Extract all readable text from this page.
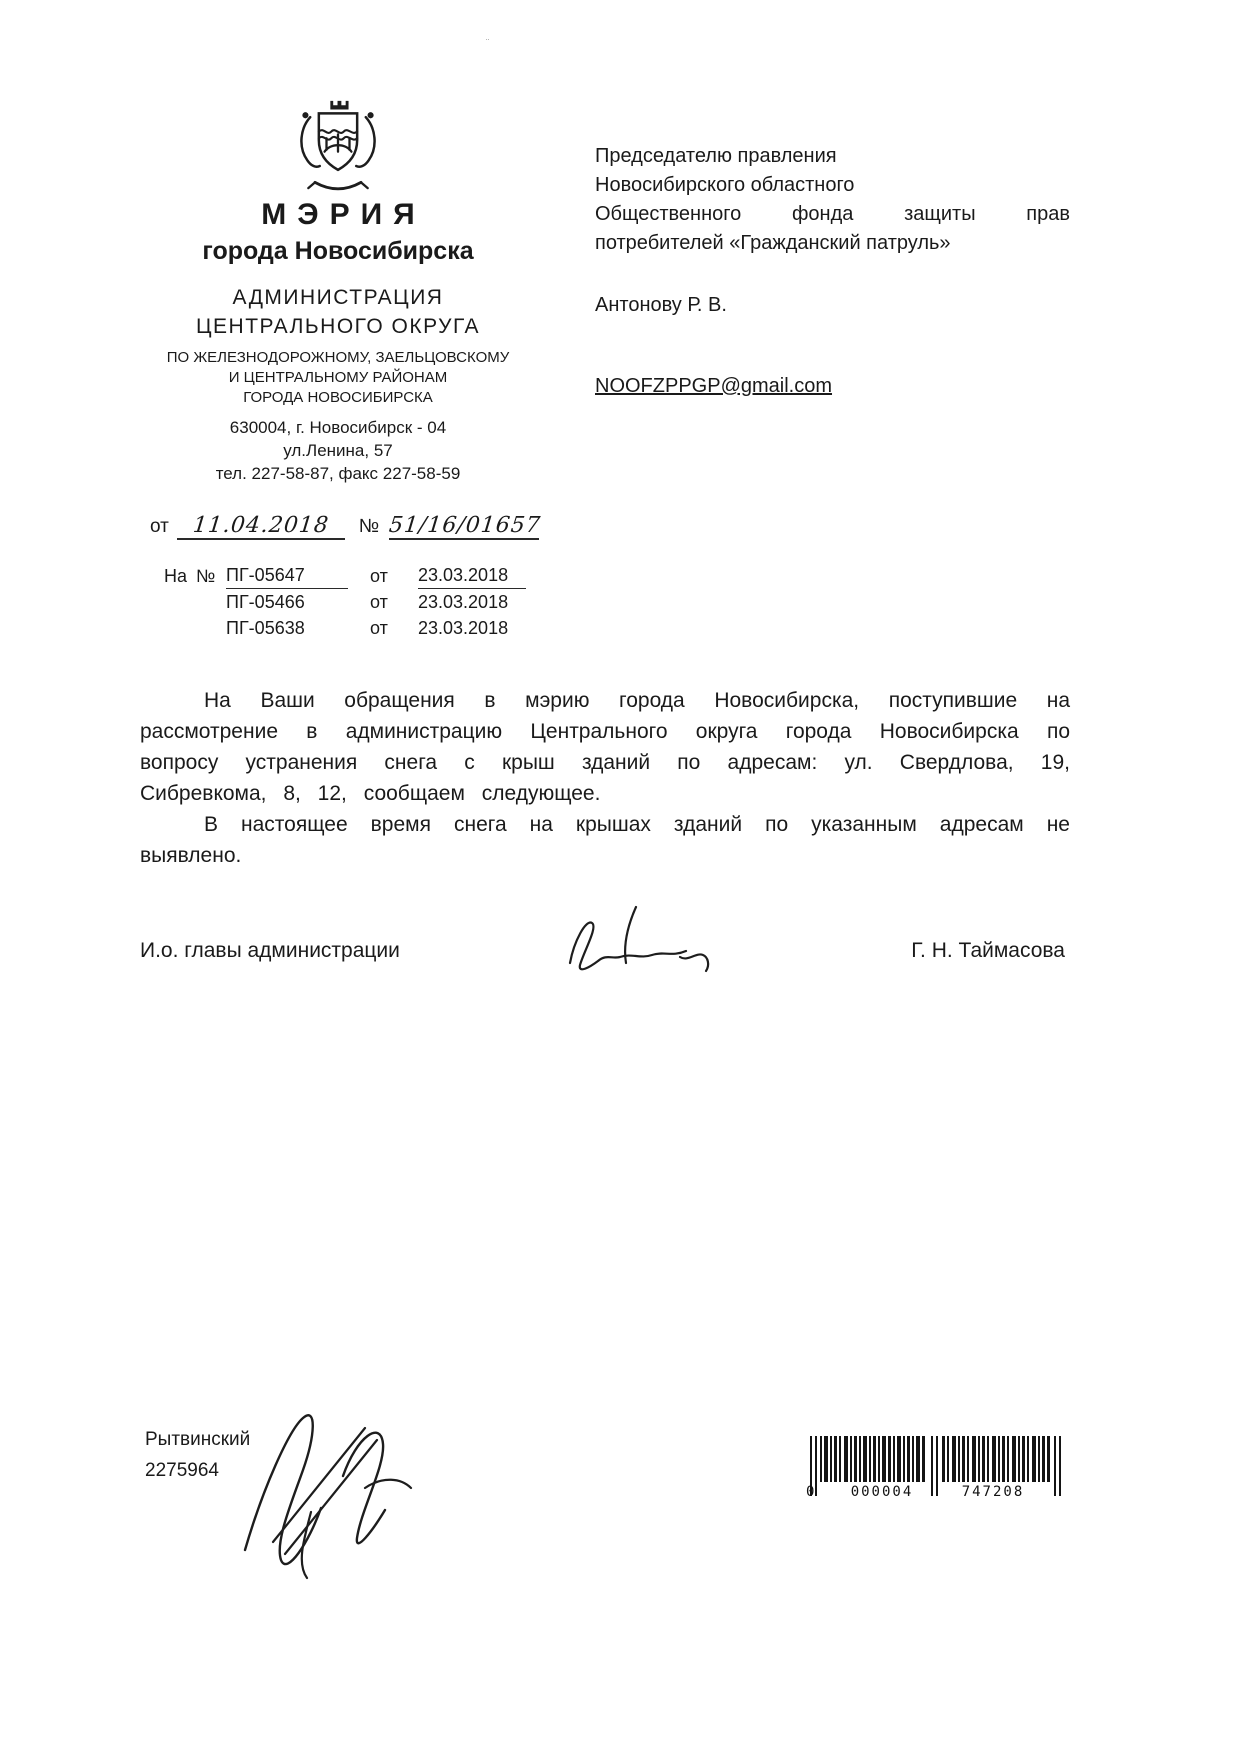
¨
МЭРИЯ
города Новосибирска
АДМИНИСТРАЦИЯ
ЦЕНТРАЛЬНОГО ОКРУГА
ПО ЖЕЛЕЗНОДОРОЖНОМУ, ЗАЕЛЬЦОВСКОМУ
И ЦЕНТРАЛЬНОМУ РАЙОНАМ
ГОРОДА НОВОСИБИРСКА
630004, г. Новосибирск - 04
ул.Ленина, 57
тел. 227-58-87, факс 227-58-59
Председателю правления
Новосибирского областного
Общественного фонда защиты прав
потребителей «Гражданский патруль»
Антонову Р. В.
NOOFZPPGP@gmail.com
от	11.04.2018	№ 51/16/01657
На № ПГ-05647	от	23.03.2018
ПГ-05466	от	23.03.2018
ПГ-05638	от	23.03.2018

На Ваши обращения в мэрию города Новосибирска, поступившие на рассмотрение в администрацию Центрального округа города Новосибирска по вопросу устранения снега с крыш зданий по адресам: ул. Свердлова, 19, Сибревкома, 8, 12, сообщаем следующее.

В настоящее время снега на крышах зданий по указанным адресам не выявлено.

И.о. главы администрации	Г. Н. Таймасова
Рытвинский
2275964
0	000004	747208
